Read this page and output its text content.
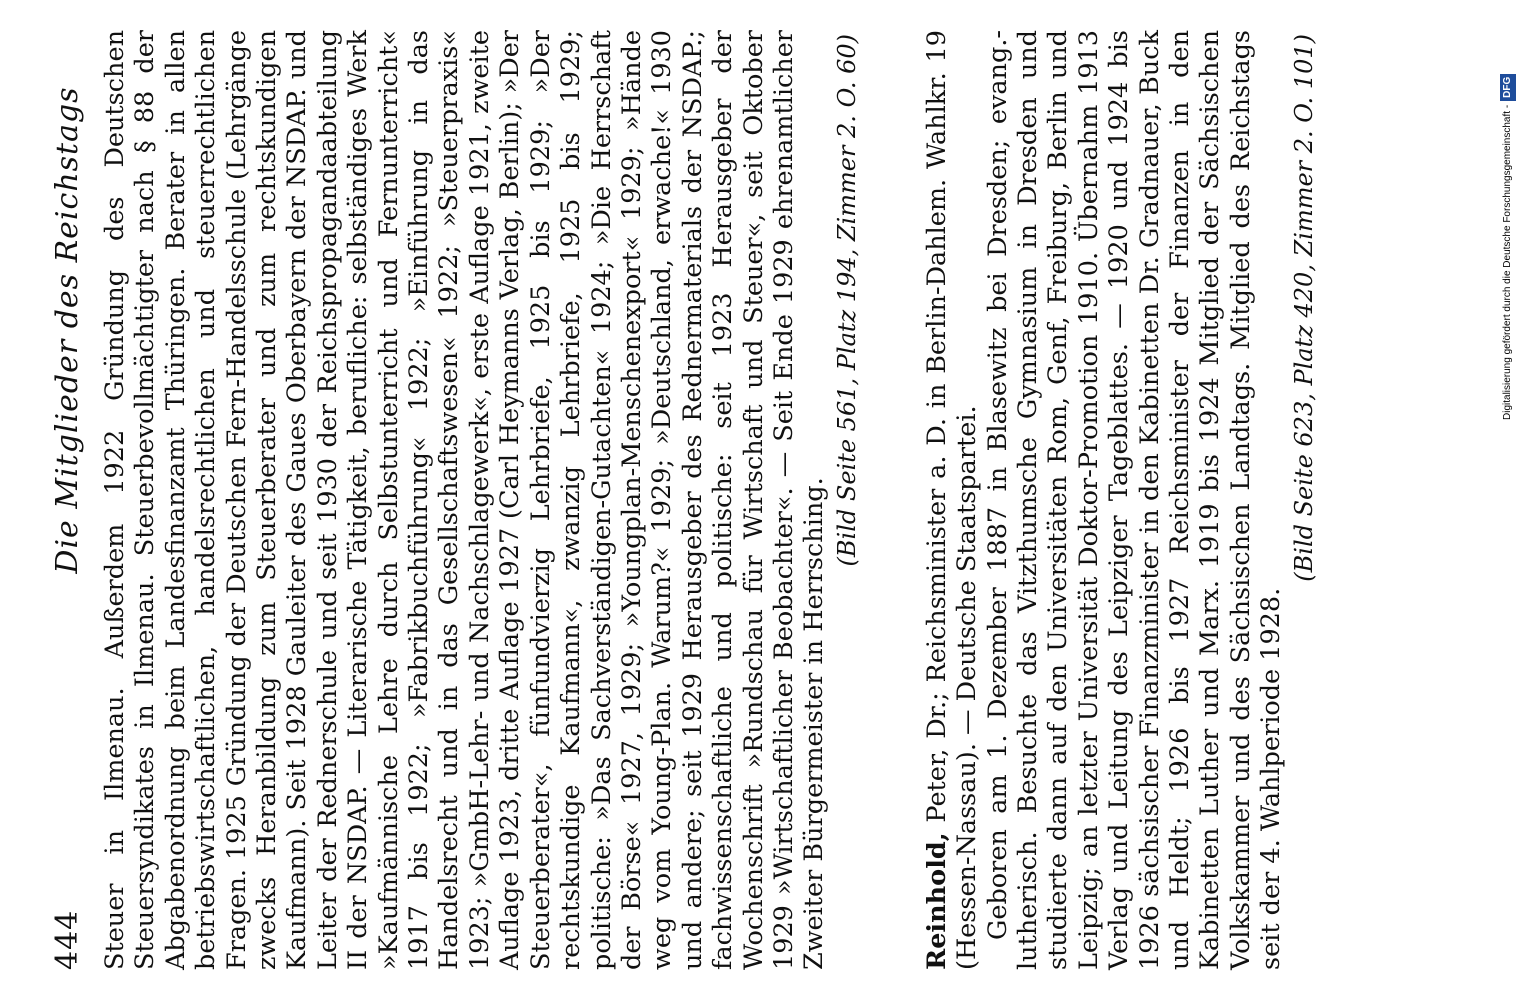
444
Die Mitglieder des Reichstags Steuer in Ilmenau. Außerdem 1922 Gründung des Deutschen Steuersyndikates in Ilmenau. Steuerbevollmächtigter nach § 88 der Abgabenordnung beim Landesfinanzamt Thüringen. Berater in allen betriebswirtschaftlichen, handelsrechtlichen und steuerrechtlichen Fragen. 1925 Gründung der Deutschen Fern-Handelsschule (Lehrgänge zwecks Heranbildung zum Steuerberater und zum rechtskundigen Kaufmann). Seit 1928 Gauleiter des Gaues Oberbayern der NSDAP. und Leiter der Rednerschule und seit 1930 der Reichspropagandaabteilung II der NSDAP. — Literarische Tätigkeit, berufliche: selbständiges Werk »Kaufmännische Lehre durch Selbstunterricht und Fernunterricht« 1917 bis 1922; »Fabrikbuchführung« 1922; »Einführung in das Handelsrecht und in das Gesellschaftswesen« 1922; »Steuerpraxis« 1923; »GmbH-Lehr- und Nachschlagewerk«, erste Auflage 1921, zweite Auflage 1923, dritte Auflage 1927 (Carl Heymanns Verlag, Berlin); »Der Steuerberater«, fünfundvierzig Lehrbriefe, 1925 bis 1929; »Der rechtskundige Kaufmann«, zwanzig Lehrbriefe, 1925 bis 1929; politische: »Das Sachverständigen-Gutachten« 1924; »Die Herrschaft der Börse« 1927, 1929; »Youngplan-Menschenexport« 1929; »Hände weg vom Young-Plan. Warum?« 1929; »Deutschland, erwache!« 1930 und andere; seit 1929 Herausgeber des Rednermaterials der NSDAP.; fachwissenschaftliche und politische: seit 1923 Herausgeber der Wochenschrift »Rundschau für Wirtschaft und Steuer«, seit Oktober 1929 »Wirtschaftlicher Beobachter«. — Seit Ende 1929 ehrenamtlicher Zweiter Bürgermeister in Herrsching.

(Bild Seite 561, Platz 194, Zimmer 2. O. 60)

Reinhold, Peter, Dr.; Reichsminister a. D. in Berlin-Dahlem. Wahlkr. 19 (Hessen-Nassau). — Deutsche Staatspartei. Geboren am 1. Dezember 1887 in Blasewitz bei Dresden; evang.-lutherisch. Besuchte das Vitzthumsche Gymnasium in Dresden und studierte dann auf den Universitäten Rom, Genf, Freiburg, Berlin und Leipzig; an letzter Universität Doktor-Promotion 1910. Übernahm 1913 Verlag und Leitung des Leipziger Tageblattes. — 1920 und 1924 bis 1926 sächsischer Finanzminister in den Kabinetten Dr. Gradnauer, Buck und Heldt; 1926 bis 1927 Reichsminister der Finanzen in den Kabinetten Luther und Marx. 1919 bis 1924 Mitglied der Sächsischen Volkskammer und des Sächsischen Landtags. Mitglied des Reichstags seit der 4. Wahlperiode 1928.

(Bild Seite 623, Platz 420, Zimmer 2. O. 101)	Digitalisierung gefördert durch die Deutsche Forschungsgemeinschaft -DFG
